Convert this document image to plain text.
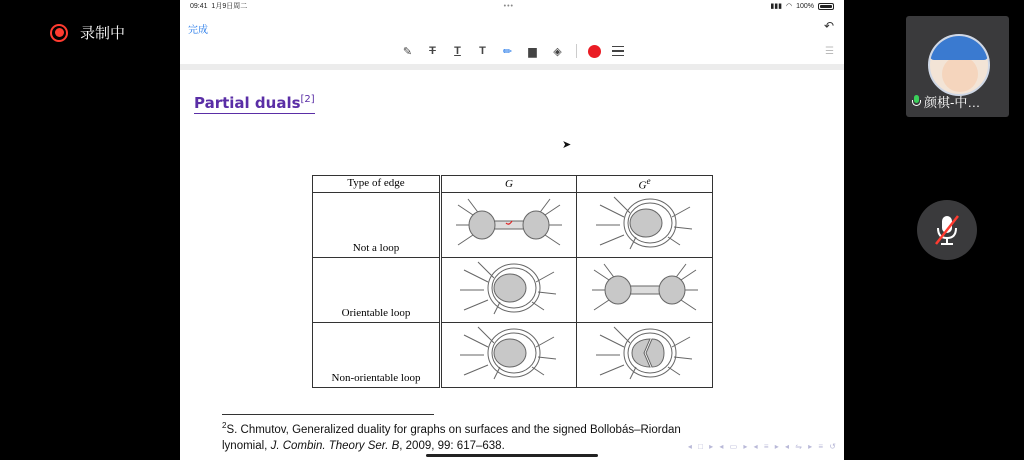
录制中
09:41 1月9日周二	•••	▮▮▮ ◠ 100%
完成	↶
✎ T T T ✏ ▆ ◈	☰
Partial duals[2]
➤
Type of edge	G	$G^e$
Not a loop		
Orientable loop		
Non-orientable loop		
$^2$S. Chmutov, Generalized duality for graphs on surfaces and the signed Bollobás–Riordan
lynomial, J. Combin. Theory Ser. B, 2009, 99: 617–638.	◂ □ ▸ ◂ ▭ ▸ ◂ ≡ ▸ ◂ ⇋ ▸ ≡ ↺
颜棋-中…
